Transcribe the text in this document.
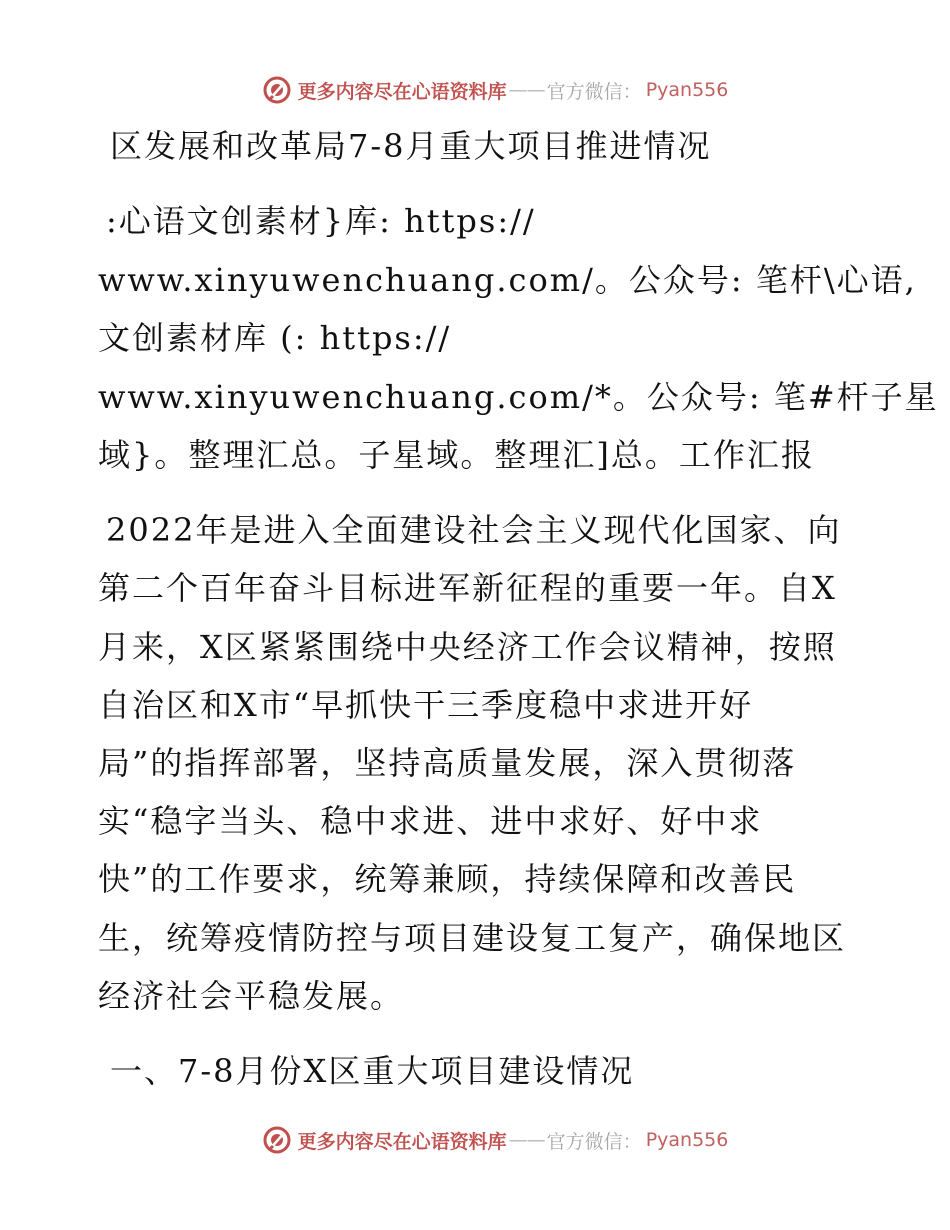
更多内容尽在心语资料库 —— 官方微信： Pyan556
区发展和改革局7-8月重大项目推进情况
:心语文创素材}库: https://
www.xinyuwenchuang.com/。公众号: 笔杆\心语,
文创素材库 (: https://
www.xinyuwenchuang.com/*。公众号: 笔#杆子星
域}。整理汇总。子星域。整理汇]总。工作汇报
2022年是进入全面建设社会主义现代化国家、向
第二个百年奋斗目标进军新征程的重要一年。自X
月来，X区紧紧围绕中央经济工作会议精神，按照
自治区和X市“早抓快干三季度稳中求进开好
局”的指挥部署，坚持高质量发展，深入贯彻落
实“稳字当头、稳中求进、进中求好、好中求
快”的工作要求，统筹兼顾，持续保障和改善民
生，统筹疫情防控与项目建设复工复产，确保地区
经济社会平稳发展。
一、7-8月份X区重大项目建设情况
更多内容尽在心语资料库 —— 官方微信： Pyan556
